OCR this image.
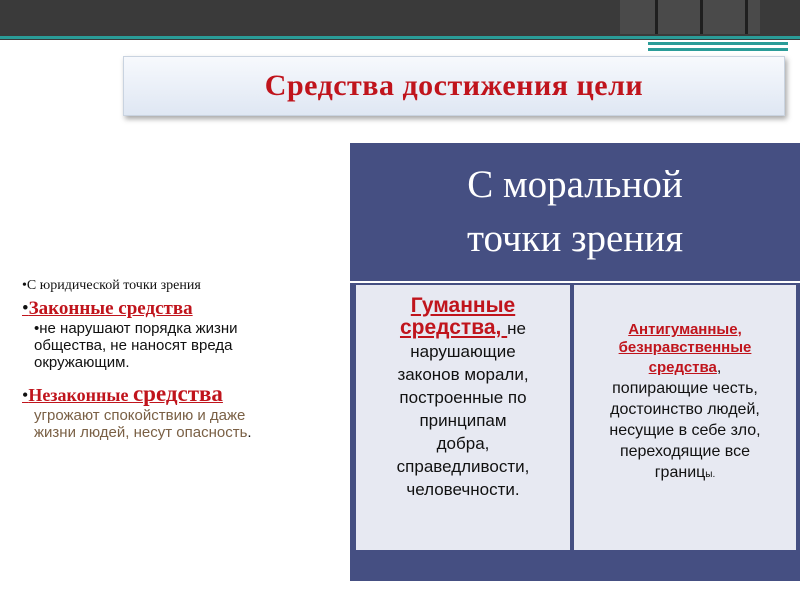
Средства достижения цели
•С юридической точки зрения
•Законные средства
•не нарушают порядка жизни
общества, не наносят вреда
окружающим.
•Незаконные средства
угрожают спокойствию и даже
жизни людей, несут опасность.
С моральной
точки зрения
Гуманные
средства, не
нарушающие
законов морали,
построенные по
принципам
добра,
справедливости,
человечности.
Антигуманные,
безнравственные
средства,
попирающие честь,
достоинство людей,
несущие в себе зло,
переходящие все
границы.
